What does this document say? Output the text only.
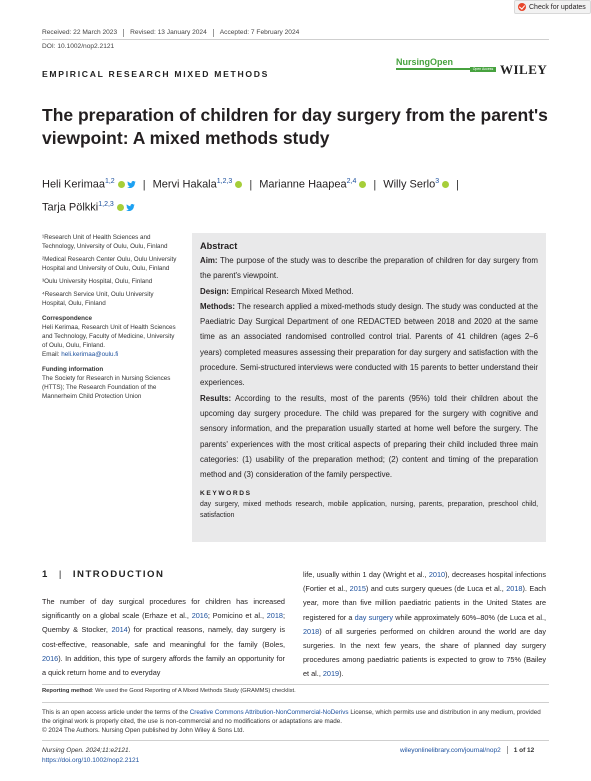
Check for updates
Received: 22 March 2023 Revised: 13 January 2024 Accepted: 7 February 2024
DOI: 10.1002/nop2.2121
EMPIRICAL RESEARCH MIXED METHODS
NursingOpen
Open Access WILEY
The preparation of children for day surgery from the parent's viewpoint: A mixed methods study
Heli Kerimaa$^{1,2}$	| Mervi Hakala$^{1,2,3}$ | Marianne Haapea$^{2,4}$ | Willy Serlo$^3$ |
Tarja Pölkki$^{1,2,3}$

¹Research Unit of Health Sciences and Technology, University of Oulu, Oulu, Finland

²Medical Research Center Oulu, Oulu University Hospital and University of Oulu, Oulu, Finland

³Oulu University Hospital, Oulu, Finland

⁴Research Service Unit, Oulu University Hospital, Oulu, Finland

Correspondence

Heli Kerimaa, Research Unit of Health Sciences and Technology, Faculty of Medicine, University of Oulu, Oulu, Finland.

Email: heli.kerimaa@oulu.fi

Funding information

The Society for Research in Nursing Sciences (HTTS); The Research Foundation of the Mannerheim Child Protection Union

Abstract

Aim: The purpose of the study was to describe the preparation of children for day surgery from the parent's viewpoint.

Design: Empirical Research Mixed Method.

Methods: The research applied a mixed-methods study design. The study was conducted at the Paediatric Day Surgical Department of one REDACTED between 2018 and 2020 at the same time as an associated randomised controlled control trial. Parents of 41 children (ages 2–6 years) completed measures assessing their preparation for day surgery and satisfaction with the procedure. Semi-structured interviews were conducted with 15 parents to better understand their experiences.

Results: According to the results, most of the parents (95%) told their children about the upcoming day surgery procedure. The child was prepared for the surgery with cognitive and sensory information, and the preparation usually started at home well before the surgery. The parents' experiences with the most critical aspects of preparing their child included three main categories: (1) usability of the preparation method; (2) content and timing of the preparation method and (3) consideration of the family perspective.

KEYWORDS
day surgery, mixed methods research, mobile application, nursing, parents, preparation, preschool child, satisfaction
1 | INTRODUCTION
The number of day surgical procedures for children has increased significantly on a global scale (Erhaze et al., 2016; Pomicino et al., 2018; Quemby & Stocker, 2014) for practical reasons, namely, day surgery is cost-effective, reasonable, safe and meaningful for the family (Boles, 2016). In addition, this type of surgery affords the family an opportunity for a quick return home and to everyday
life, usually within 1 day (Wright et al., 2010), decreases hospital infections (Fortier et al., 2015) and cuts surgery queues (de Luca et al., 2018). Each year, more than five million paediatric patients in the United States are registered for a day surgery while approximately 60%–80% (de Luca et al., 2018) of all surgeries performed on children around the world are day surgeries. In the next few years, the share of planned day surgery procedures among paediatric patients is expected to grow to 75% (Bailey et al., 2019).
Reporting method: We used the Good Reporting of A Mixed Methods Study (GRAMMS) checklist.
This is an open access article under the terms of the Creative Commons Attribution-NonCommercial-NoDerivs License, which permits use and distribution in any medium, provided the original work is properly cited, the use is non-commercial and no modifications or adaptations are made.
© 2024 The Authors. Nursing Open published by John Wiley & Sons Ltd.
Nursing Open. 2024;11:e2121.
https://doi.org/10.1002/nop2.2121
wileyonlinelibrary.com/journal/nop2 1 of 12
